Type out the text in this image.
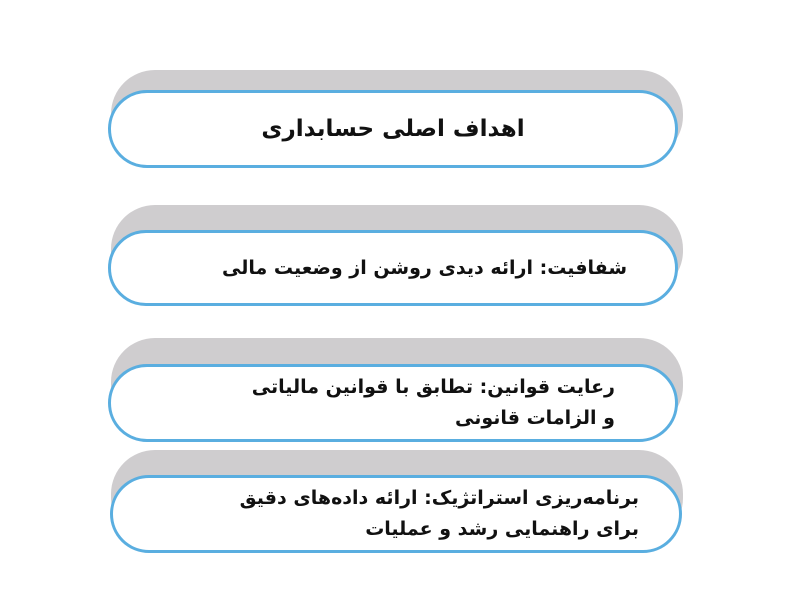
اهداف اصلی حسابداری
شفافیت: ارائه دیدی روشن از وضعیت مالی
رعایت قوانین: تطابق با قوانین مالیاتی
و الزامات قانونی
برنامه‌ریزی استراتژیک: ارائه داده‌های دقیق
برای راهنمایی رشد و عملیات
